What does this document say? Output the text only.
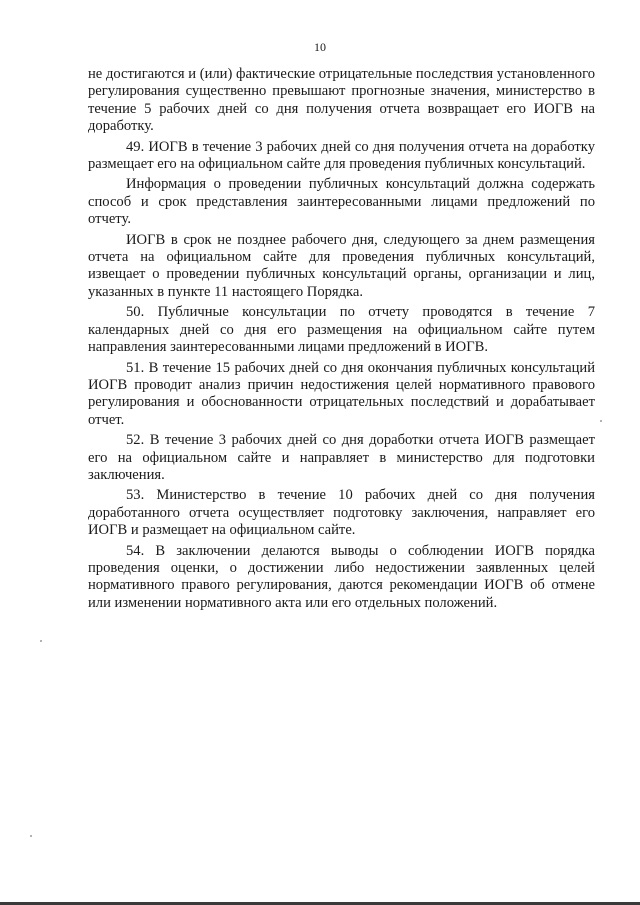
10

не достигаются и (или) фактические отрицательные последствия установленного регулирования существенно превышают прогнозные значения, министерство в течение 5 рабочих дней со дня получения отчета возвращает его ИОГВ на доработку.

49. ИОГВ в течение 3 рабочих дней со дня получения отчета на доработку размещает его на официальном сайте для проведения публичных консультаций.

Информация о проведении публичных консультаций должна содержать способ и срок представления заинтересованными лицами предложений по отчету.

ИОГВ в срок не позднее рабочего дня, следующего за днем размещения отчета на официальном сайте для проведения публичных консультаций, извещает о проведении публичных консультаций органы, организации и лиц, указанных в пункте 11 настоящего Порядка.

50. Публичные консультации по отчету проводятся в течение 7 календарных дней со дня его размещения на официальном сайте путем направления заинтересованными лицами предложений в ИОГВ.

51. В течение 15 рабочих дней со дня окончания публичных консультаций ИОГВ проводит анализ причин недостижения целей нормативного правового регулирования и обоснованности отрицательных последствий и дорабатывает отчет.

52. В течение 3 рабочих дней со дня доработки отчета ИОГВ размещает его на официальном сайте и направляет в министерство для подготовки заключения.

53. Министерство в течение 10 рабочих дней со дня получения доработанного отчета осуществляет подготовку заключения, направляет его ИОГВ и размещает на официальном сайте.

54. В заключении делаются выводы о соблюдении ИОГВ порядка проведения оценки, о достижении либо недостижении заявленных целей нормативного правого регулирования, даются рекомендации ИОГВ об отмене или изменении нормативного акта или его отдельных положений.
